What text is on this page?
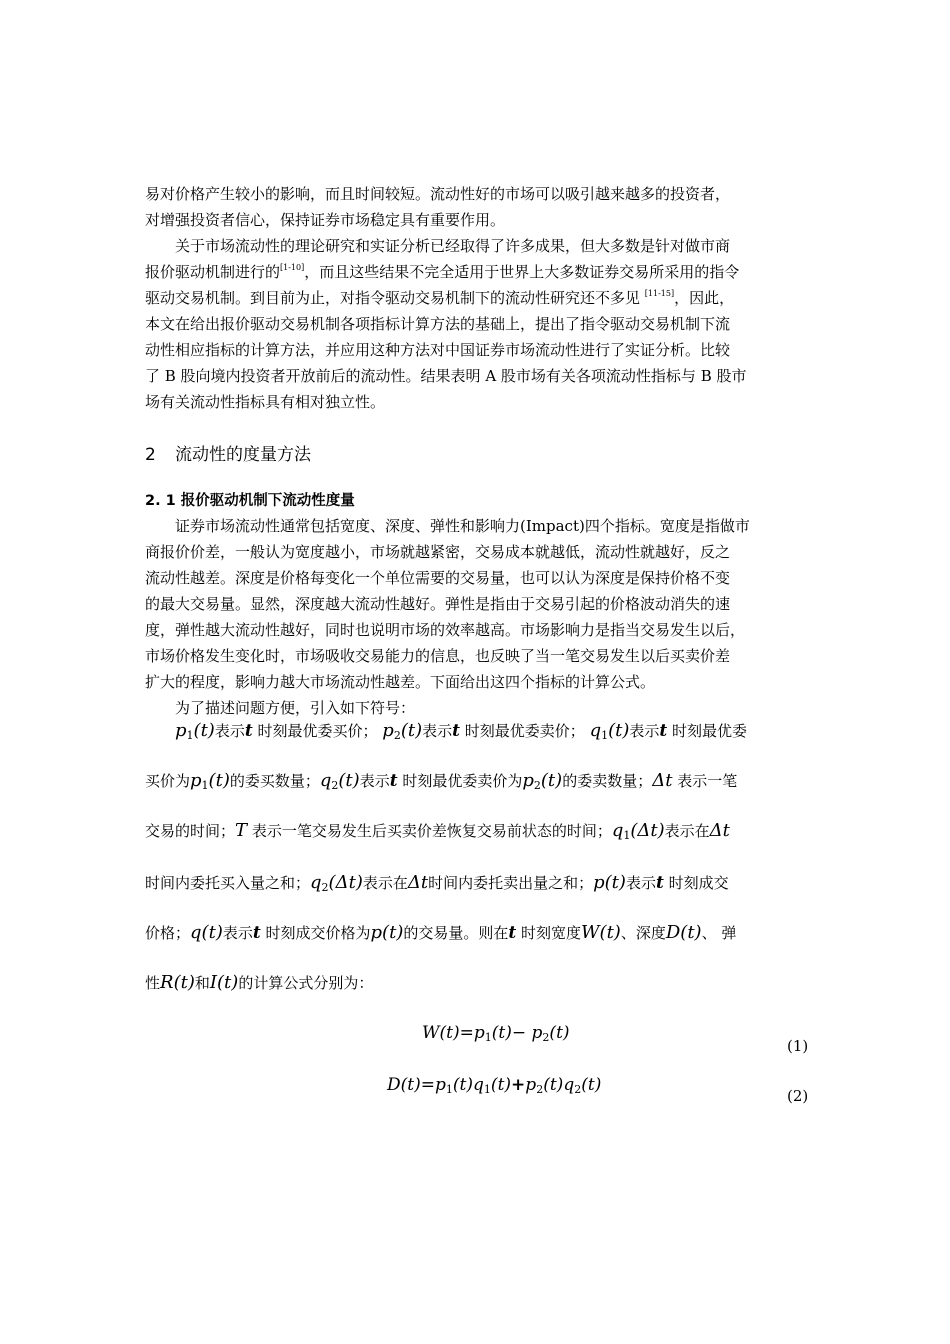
易对价格产生较小的影响，而且时间较短。流动性好的市场可以吸引越来越多的投资者，
对增强投资者信心，保持证券市场稳定具有重要作用。
关于市场流动性的理论研究和实证分析已经取得了许多成果，但大多数是针对做市商
报价驱动机制进行的[1-10]，而且这些结果不完全适用于世界上大多数证券交易所采用的指令
驱动交易机制。到目前为止，对指令驱动交易机制下的流动性研究还不多见 [11-15]，因此，
本文在给出报价驱动交易机制各项指标计算方法的基础上，提出了指令驱动交易机制下流
动性相应指标的计算方法，并应用这种方法对中国证券市场流动性进行了实证分析。比较
了 B 股向境内投资者开放前后的流动性。结果表明 A 股市场有关各项流动性指标与 B 股市
场有关流动性指标具有相对独立性。
2 流动性的度量方法
2. 1 报价驱动机制下流动性度量
证券市场流动性通常包括宽度、深度、弹性和影响力(Impact)四个指标。宽度是指做市
商报价价差，一般认为宽度越小，市场就越紧密，交易成本就越低，流动性就越好，反之
流动性越差。深度是价格每变化一个单位需要的交易量，也可以认为深度是保持价格不变
的最大交易量。显然，深度越大流动性越好。弹性是指由于交易引起的价格波动消失的速
度，弹性越大流动性越好，同时也说明市场的效率越高。市场影响力是指当交易发生以后，
市场价格发生变化时，市场吸收交易能力的信息，也反映了当一笔交易发生以后买卖价差
扩大的程度，影响力越大市场流动性越差。下面给出这四个指标的计算公式。
为了描述问题方便，引入如下符号：
$p_1(t)$表示t 时刻最优委买价； $p_2(t)$表示t 时刻最优委卖价； $q_1(t)$表示t 时刻最优委
买价为$p_1(t)$的委买数量；$q_2(t)$表示t 时刻最优委卖价为$p_2(t)$的委卖数量；Δt 表示一笔
交易的时间；T 表示一笔交易发生后买卖价差恢复交易前状态的时间；$q_1(\Delta t)$表示在Δt
时间内委托买入量之和；$q_2(\Delta t)$表示在Δt时间内委托卖出量之和；p(t)表示t 时刻成交
价格；q(t)表示t 时刻成交价格为p(t)的交易量。则在t 时刻宽度W(t)、深度D(t)、 弹
性R(t)和I(t)的计算公式分别为：
$W(t)=p_1(t)- p_2(t)$
(1)
$D(t)=p_1(t)q_1(t)+p_2(t)q_2(t)$
(2)
